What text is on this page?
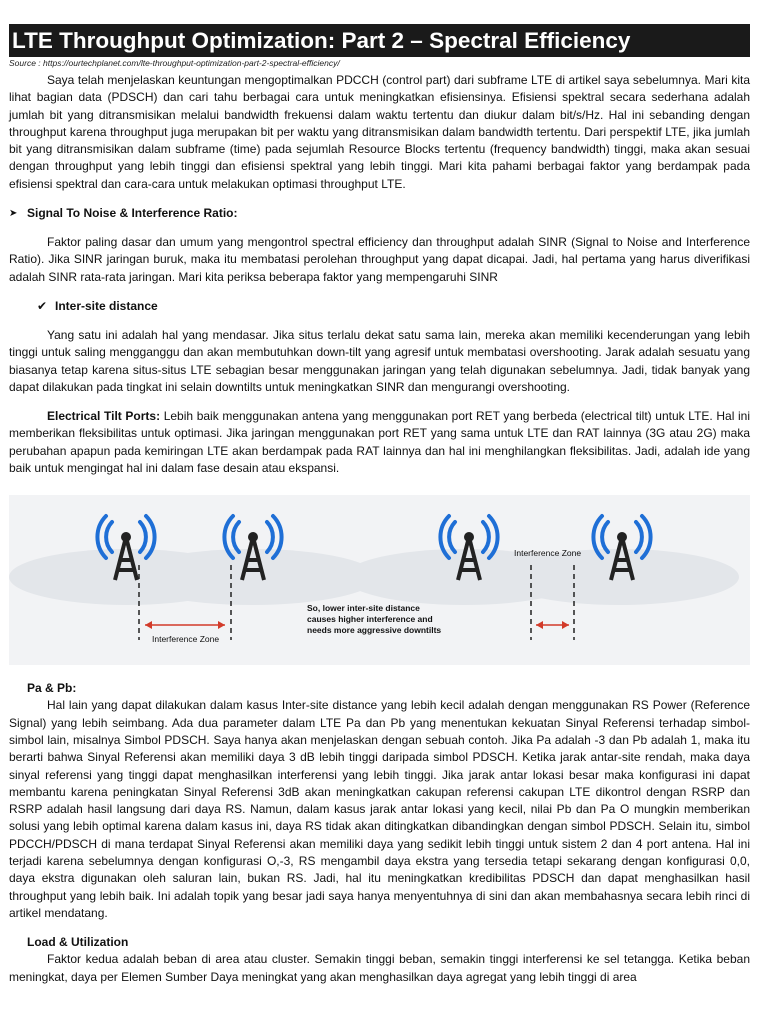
LTE Throughput Optimization: Part 2 – Spectral Efficiency
Source : https://ourtechplanet.com/lte-throughput-optimization-part-2-spectral-efficiency/

Saya telah menjelaskan keuntungan mengoptimalkan PDCCH (control part) dari subframe LTE di artikel saya sebelumnya. Mari kita lihat bagian data (PDSCH) dan cari tahu berbagai cara untuk meningkatkan efisiensinya. Efisiensi spektral secara sederhana adalah jumlah bit yang ditransmisikan melalui bandwidth frekuensi dalam waktu tertentu dan diukur dalam bit/s/Hz. Hal ini sebanding dengan throughput karena throughput juga merupakan bit per waktu yang ditransmisikan dalam bandwidth tertentu. Dari perspektif LTE, jika jumlah bit yang ditransmisikan dalam subframe (time) pada sejumlah Resource Blocks tertentu (frequency bandwidth) tinggi, maka akan sesuai dengan throughput yang lebih tinggi dan efisiensi spektral yang lebih tinggi. Mari kita pahami berbagai faktor yang berdampak pada efisiensi spektral dan cara-cara untuk melakukan optimasi throughput LTE.

➤ Signal To Noise & Interference Ratio:

Faktor paling dasar dan umum yang mengontrol spectral efficiency dan throughput adalah SINR (Signal to Noise and Interference Ratio). Jika SINR jaringan buruk, maka itu membatasi perolehan throughput yang dapat dicapai. Jadi, hal pertama yang harus diverifikasi adalah SINR rata-rata jaringan. Mari kita periksa beberapa faktor yang mempengaruhi SINR

✔ Inter-site distance

Yang satu ini adalah hal yang mendasar. Jika situs terlalu dekat satu sama lain, mereka akan memiliki kecenderungan yang lebih tinggi untuk saling mengganggu dan akan membutuhkan down-tilt yang agresif untuk membatasi overshooting. Jarak adalah sesuatu yang biasanya tetap karena situs-situs LTE sebagian besar menggunakan jaringan yang telah digunakan sebelumnya. Jadi, tidak banyak yang dapat dilakukan pada tingkat ini selain downtilts untuk meningkatkan SINR dan mengurangi overshooting.

Electrical Tilt Ports: Lebih baik menggunakan antena yang menggunakan port RET yang berbeda (electrical tilt) untuk LTE. Hal ini memberikan fleksibilitas untuk optimasi. Jika jaringan menggunakan port RET yang sama untuk LTE dan RAT lainnya (3G atau 2G) maka perubahan apapun pada kemiringan LTE akan berdampak pada RAT lainnya dan hal ini menghilangkan fleksibilitas. Jadi, adalah ide yang baik untuk mengingat hal ini dalam fase desain atau ekspansi.

Interference Zone
Interference Zone
So, lower inter-site distance
causes higher interference and
needs more aggressive downtilts
Pa & Pb:

Hal lain yang dapat dilakukan dalam kasus Inter-site distance yang lebih kecil adalah dengan menggunakan RS Power (Reference Signal) yang lebih seimbang. Ada dua parameter dalam LTE Pa dan Pb yang menentukan kekuatan Sinyal Referensi terhadap simbol-simbol lain, misalnya Simbol PDSCH. Saya hanya akan menjelaskan dengan sebuah contoh. Jika Pa adalah -3 dan Pb adalah 1, maka itu berarti bahwa Sinyal Referensi akan memiliki daya 3 dB lebih tinggi daripada simbol PDSCH. Ketika jarak antar-site rendah, maka daya sinyal referensi yang tinggi dapat menghasilkan interferensi yang lebih tinggi. Jika jarak antar lokasi besar maka konfigurasi ini dapat membantu karena peningkatan Sinyal Referensi 3dB akan meningkatkan cakupan referensi cakupan LTE dikontrol dengan RSRP dan RSRP adalah hasil langsung dari daya RS. Namun, dalam kasus jarak antar lokasi yang kecil, nilai Pb dan Pa O mungkin memberikan solusi yang lebih optimal karena dalam kasus ini, daya RS tidak akan ditingkatkan dibandingkan dengan simbol PDSCH. Selain itu, simbol PDCCH/PDSCH di mana terdapat Sinyal Referensi akan memiliki daya yang sedikit lebih tinggi untuk sistem 2 dan 4 port antena. Hal ini terjadi karena sebelumnya dengan konfigurasi O,-3, RS mengambil daya ekstra yang tersedia tetapi sekarang dengan konfigurasi 0,0, daya ekstra digunakan oleh saluran lain, bukan RS. Jadi, hal itu meningkatkan kredibilitas PDSCH dan dapat menghasilkan hasil throughput yang lebih baik. Ini adalah topik yang besar jadi saya hanya menyentuhnya di sini dan akan membahasnya secara lebih rinci di artikel mendatang.

Load & Utilization

Faktor kedua adalah beban di area atau cluster. Semakin tinggi beban, semakin tinggi interferensi ke sel tetangga. Ketika beban meningkat, daya per Elemen Sumber Daya meningkat yang akan menghasilkan daya agregat yang lebih tinggi di area
